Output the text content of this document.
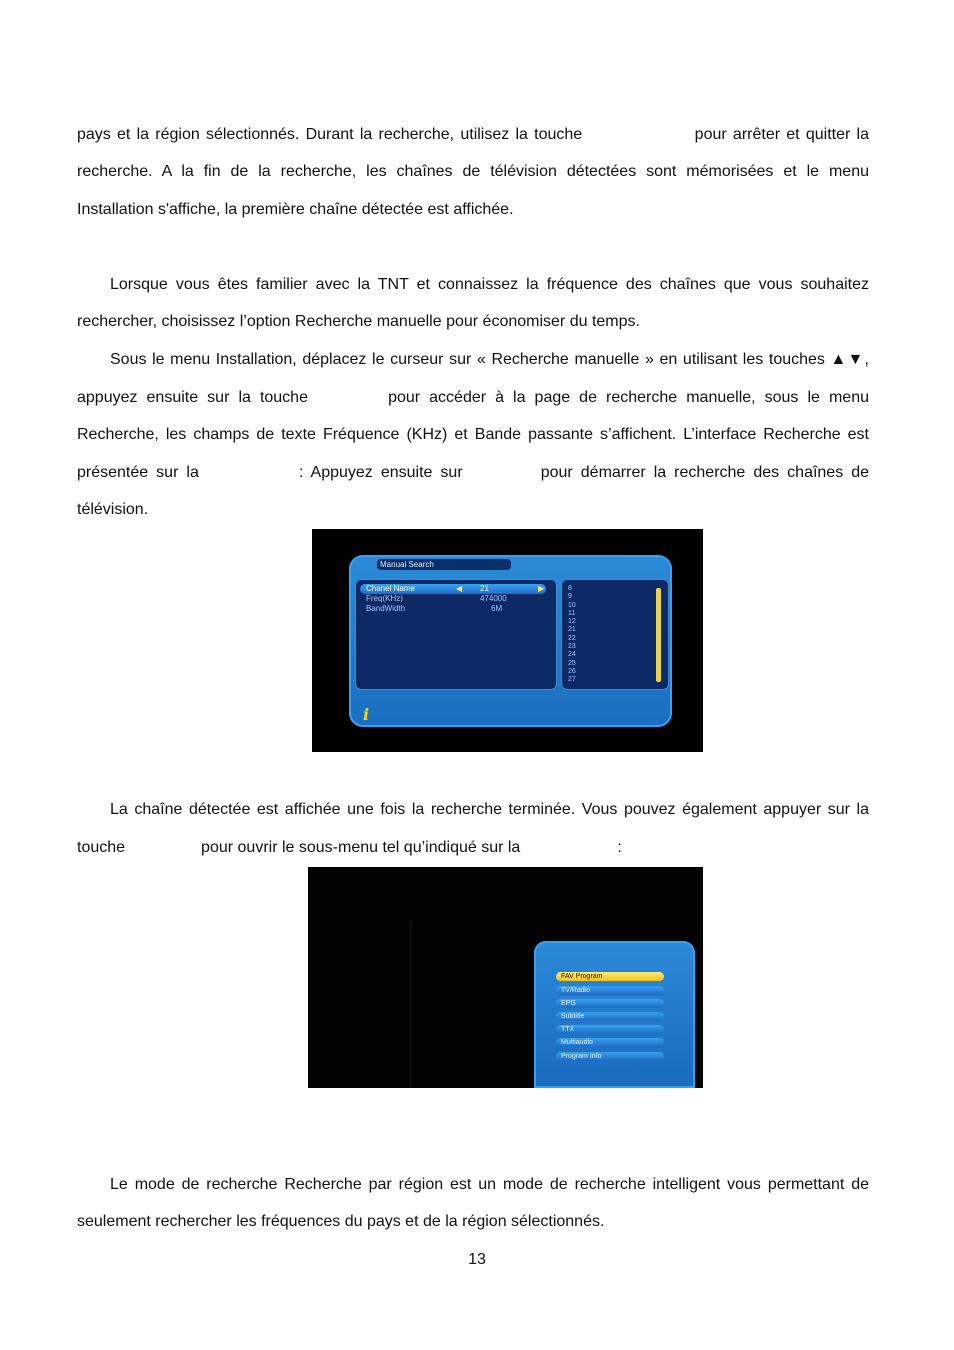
pays et la région sélectionnés. Durant la recherche, utilisez la touche	pour arrêter et quitter la
recherche. A la fin de la recherche, les chaînes de télévision détectées sont mémorisées et le menu
Installation s'affiche, la première chaîne détectée est affichée.
Lorsque vous êtes familier avec la TNT et connaissez la fréquence des chaînes que vous souhaitez
rechercher, choisissez l’option Recherche manuelle pour économiser du temps.
Sous le menu Installation, déplacez le curseur sur « Recherche manuelle » en utilisant les touches ▲▼,
appuyez ensuite sur la touche	pour accéder à la page de recherche manuelle, sous le menu
Recherche, les champs de texte Fréquence (KHz) et Bande passante s’affichent. L’interface Recherche est
présentée sur la	: Appuyez ensuite sur	pour démarrer la recherche des chaînes de
télévision.
Manual Search
Chanel Name	◀ 21	▶
Freq(KHz)	474000
BandWidth	6M
8
9
10
11
12
21
22
23
24
25
26
27
i
La chaîne détectée est affichée une fois la recherche terminée. Vous pouvez également appuyer sur la
touche	pour ouvrir le sous-menu tel qu’indiqué sur la	:
FAV Program
TV/Radio
EPG
Subtitle
TTX
Multiaudio
Program Info
Le mode de recherche Recherche par région est un mode de recherche intelligent vous permettant de
seulement rechercher les fréquences du pays et de la région sélectionnés.
13
